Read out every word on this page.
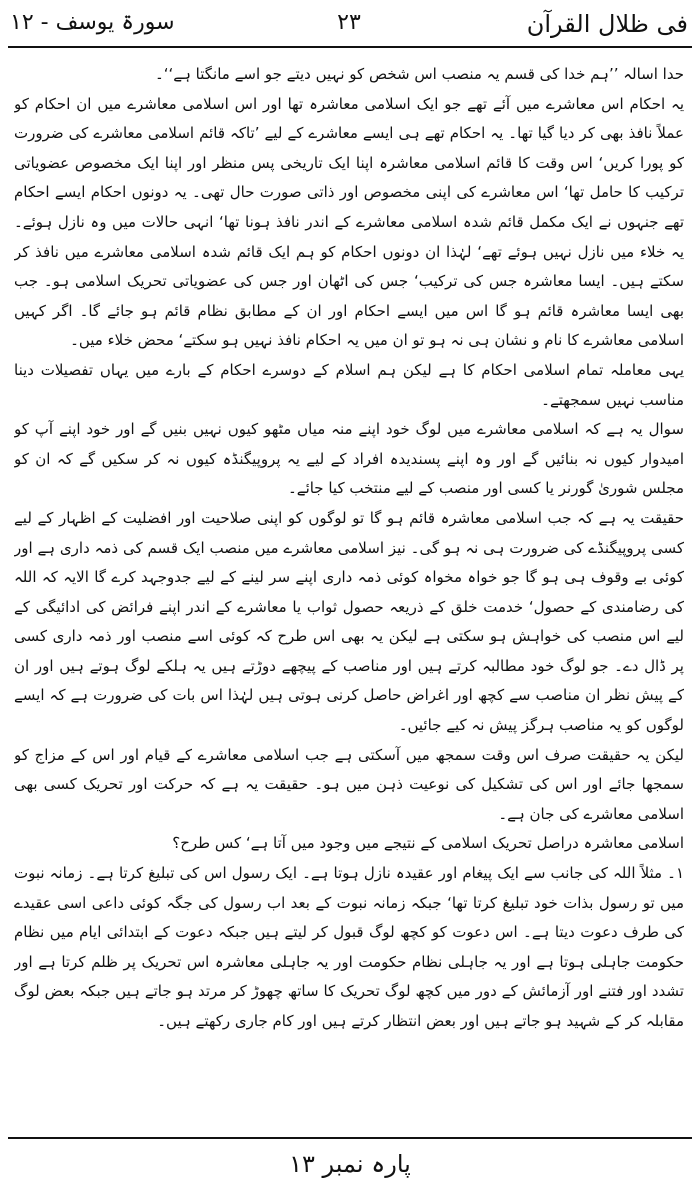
فی ظلال القرآن
۲۳
سورۃ یوسف - ۱۲

حدا اسالہ ’’ہم خدا کی قسم یہ منصب اس شخص کو نہیں دیتے جو اسے مانگتا ہے‘‘۔

یہ احکام اس معاشرے میں آئے تھے جو ایک اسلامی معاشرہ تھا اور اس اسلامی معاشرے میں ان احکام کو عملاً نافذ بھی کر دیا گیا تھا۔ یہ احکام تھے ہی ایسے معاشرے کے لیے ’تاکہ قائم اسلامی معاشرے کی ضرورت کو پورا کریں‘ اس وقت کا قائم اسلامی معاشرہ اپنا ایک تاریخی پس منظر اور اپنا ایک مخصوص عضویاتی ترکیب کا حامل تھا‘ اس معاشرے کی اپنی مخصوص اور ذاتی صورت حال تھی۔ یہ دونوں احکام ایسے احکام تھے جنہوں نے ایک مکمل قائم شدہ اسلامی معاشرے کے اندر نافذ ہونا تھا‘ انہی حالات میں وہ نازل ہوئے۔ یہ خلاء میں نازل نہیں ہوئے تھے‘ لہٰذا ان دونوں احکام کو ہم ایک قائم شدہ اسلامی معاشرے میں نافذ کر سکتے ہیں۔ ایسا معاشرہ جس کی ترکیب‘ جس کی اٹھان اور جس کی عضویاتی تحریک اسلامی ہو۔ جب بھی ایسا معاشرہ قائم ہو گا اس میں ایسے احکام اور ان کے مطابق نظام قائم ہو جائے گا۔ اگر کہیں اسلامی معاشرے کا نام و نشان ہی نہ ہو تو ان میں یہ احکام نافذ نہیں ہو سکتے‘ محض خلاء میں۔

یہی معاملہ تمام اسلامی احکام کا ہے لیکن ہم اسلام کے دوسرے احکام کے بارے میں یہاں تفصیلات دینا مناسب نہیں سمجھتے۔

سوال یہ ہے کہ اسلامی معاشرے میں لوگ خود اپنے منہ میاں مٹھو کیوں نہیں بنیں گے اور خود اپنے آپ کو امیدوار کیوں نہ بنائیں گے اور وہ اپنے پسندیدہ افراد کے لیے یہ پروپیگنڈہ کیوں نہ کر سکیں گے کہ ان کو مجلس شوریٰ گورنر یا کسی اور منصب کے لیے منتخب کیا جائے۔

حقیقت یہ ہے کہ جب اسلامی معاشرہ قائم ہو گا تو لوگوں کو اپنی صلاحیت اور افضلیت کے اظہار کے لیے کسی پروپیگنڈے کی ضرورت ہی نہ ہو گی۔ نیز اسلامی معاشرے میں منصب ایک قسم کی ذمہ داری ہے اور کوئی بے وقوف ہی ہو گا جو خواہ مخواہ کوئی ذمہ داری اپنے سر لینے کے لیے جدوجہد کرے گا الایہ کہ اللہ کی رضامندی کے حصول‘ خدمت خلق کے ذریعہ حصول ثواب یا معاشرے کے اندر اپنے فرائض کی ادائیگی کے لیے اس منصب کی خواہش ہو سکتی ہے لیکن یہ بھی اس طرح کہ کوئی اسے منصب اور ذمہ داری کسی پر ڈال دے۔ جو لوگ خود مطالبہ کرتے ہیں اور مناصب کے پیچھے دوڑتے ہیں یہ ہلکے لوگ ہوتے ہیں اور ان کے پیش نظر ان مناصب سے کچھ اور اغراض حاصل کرنی ہوتی ہیں لہٰذا اس بات کی ضرورت ہے کہ ایسے لوگوں کو یہ مناصب ہرگز پیش نہ کیے جائیں۔

لیکن یہ حقیقت صرف اس وقت سمجھ میں آسکتی ہے جب اسلامی معاشرے کے قیام اور اس کے مزاج کو سمجھا جائے اور اس کی تشکیل کی نوعیت ذہن میں ہو۔ حقیقت یہ ہے کہ حرکت اور تحریک کسی بھی اسلامی معاشرے کی جان ہے۔

اسلامی معاشرہ دراصل تحریک اسلامی کے نتیجے میں وجود میں آتا ہے‘ کس طرح؟

۱۔ مثلاً اللہ کی جانب سے ایک پیغام اور عقیدہ نازل ہوتا ہے۔ ایک رسول اس کی تبلیغ کرتا ہے۔ زمانہ نبوت میں تو رسول بذات خود تبلیغ کرتا تھا‘ جبکہ زمانہ نبوت کے بعد اب رسول کی جگہ کوئی داعی اسی عقیدے کی طرف دعوت دیتا ہے۔ اس دعوت کو کچھ لوگ قبول کر لیتے ہیں جبکہ دعوت کے ابتدائی ایام میں نظام حکومت جاہلی ہوتا ہے اور یہ جاہلی نظام حکومت اور یہ جاہلی معاشرہ اس تحریک پر ظلم کرتا ہے اور تشدد اور فتنے اور آزمائش کے دور میں کچھ لوگ تحریک کا ساتھ چھوڑ کر مرتد ہو جاتے ہیں جبکہ بعض لوگ مقابلہ کر کے شہید ہو جاتے ہیں اور بعض انتظار کرتے ہیں اور کام جاری رکھتے ہیں۔

پارہ نمبر ۱۳
